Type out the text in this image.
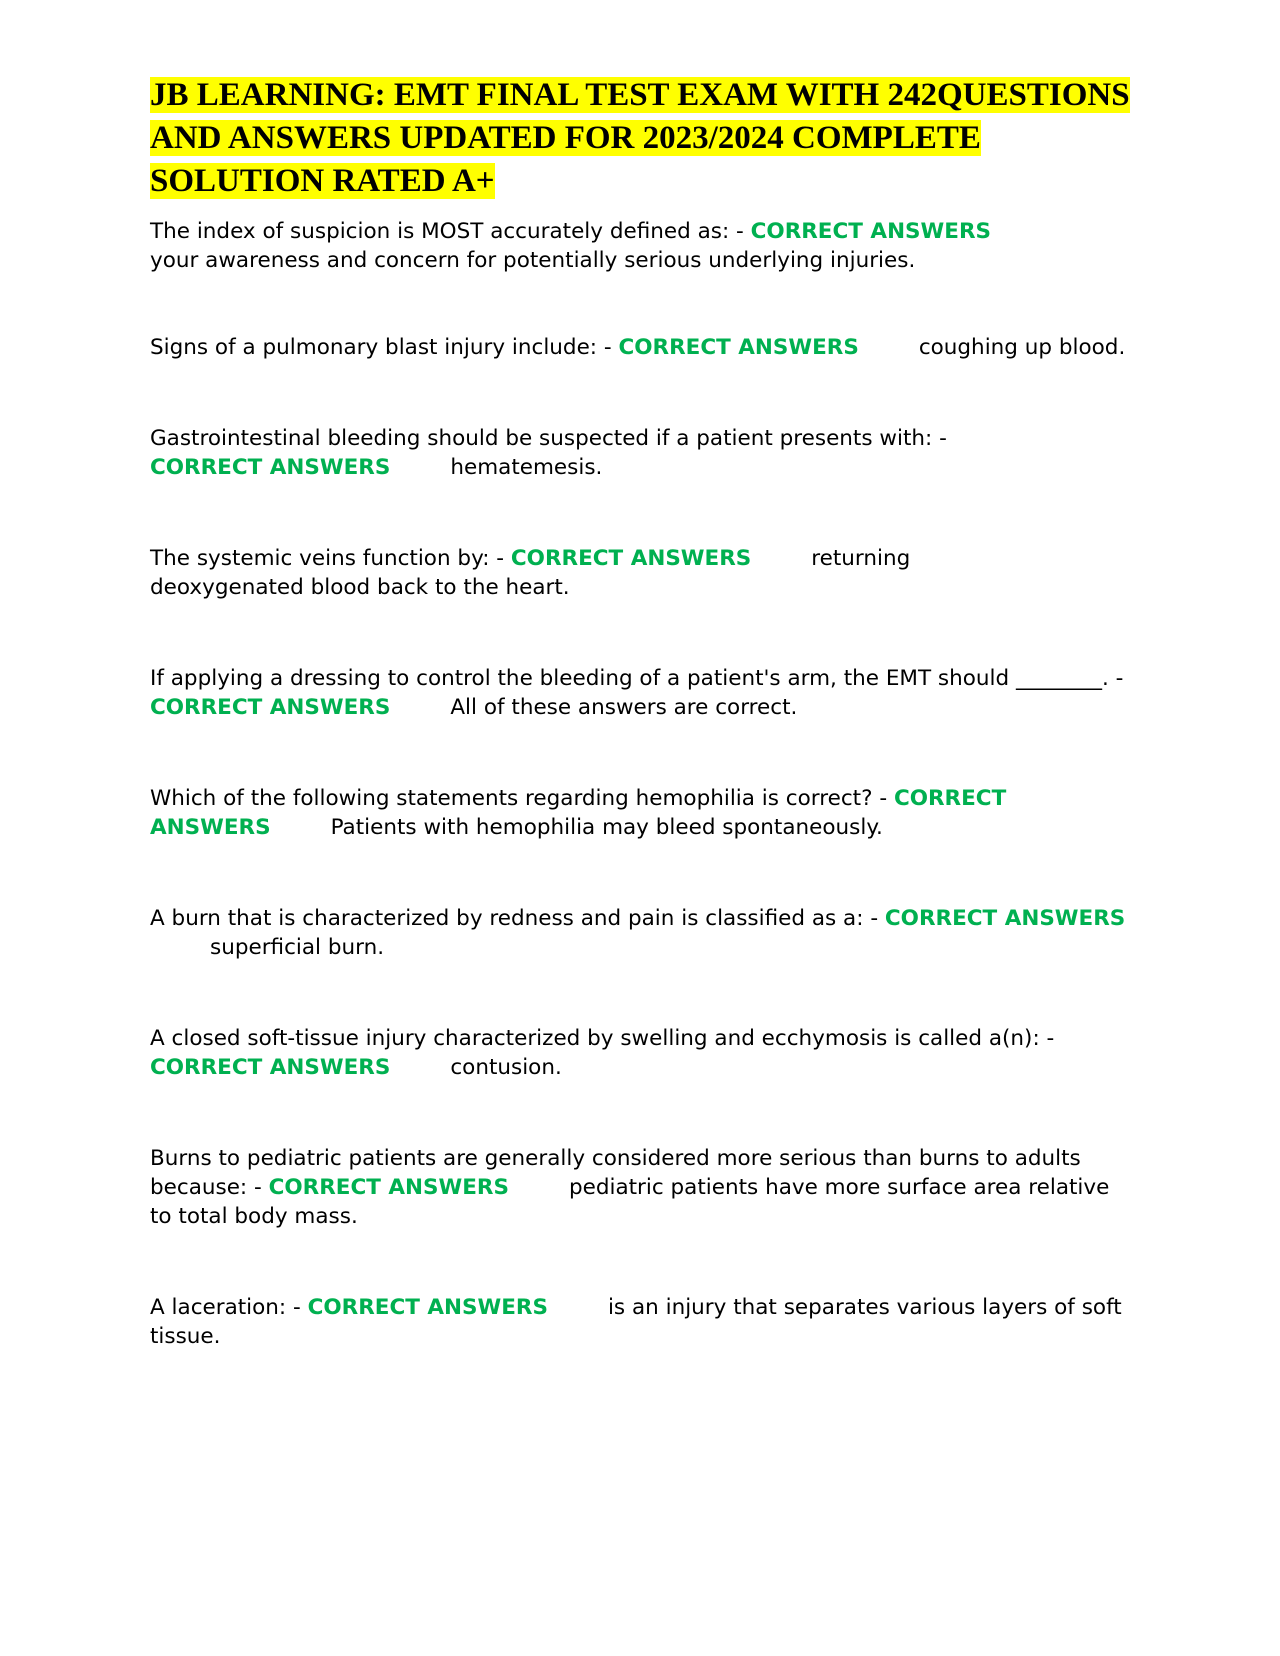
JB LEARNING: EMT FINAL TEST EXAM WITH 242QUESTIONS AND ANSWERS UPDATED FOR 2023/2024 COMPLETE SOLUTION RATED A+

The index of suspicion is MOST accurately defined as: - CORRECT ANSWERS
your awareness and concern for potentially serious underlying injuries.

Signs of a pulmonary blast injury include: - CORRECT ANSWERS	coughing up blood.

Gastrointestinal bleeding should be suspected if a patient presents with: -
CORRECT ANSWERS	hematemesis.

The systemic veins function by: - CORRECT ANSWERS	returning deoxygenated blood back to the heart.

If applying a dressing to control the bleeding of a patient's arm, the EMT should ________. - CORRECT ANSWERS	All of these answers are correct.

Which of the following statements regarding hemophilia is correct? - CORRECT ANSWERS	Patients with hemophilia may bleed spontaneously.

A burn that is characterized by redness and pain is classified as a: - CORRECT ANSWERSsuperficial burn.

A closed soft-tissue injury characterized by swelling and ecchymosis is called a(n): -
CORRECT ANSWERS	contusion.

Burns to pediatric patients are generally considered more serious than burns to adults because: - CORRECT ANSWERS	pediatric patients have more surface area relative to total body mass.

A laceration: - CORRECT ANSWERS	is an injury that separates various layers of soft tissue.
